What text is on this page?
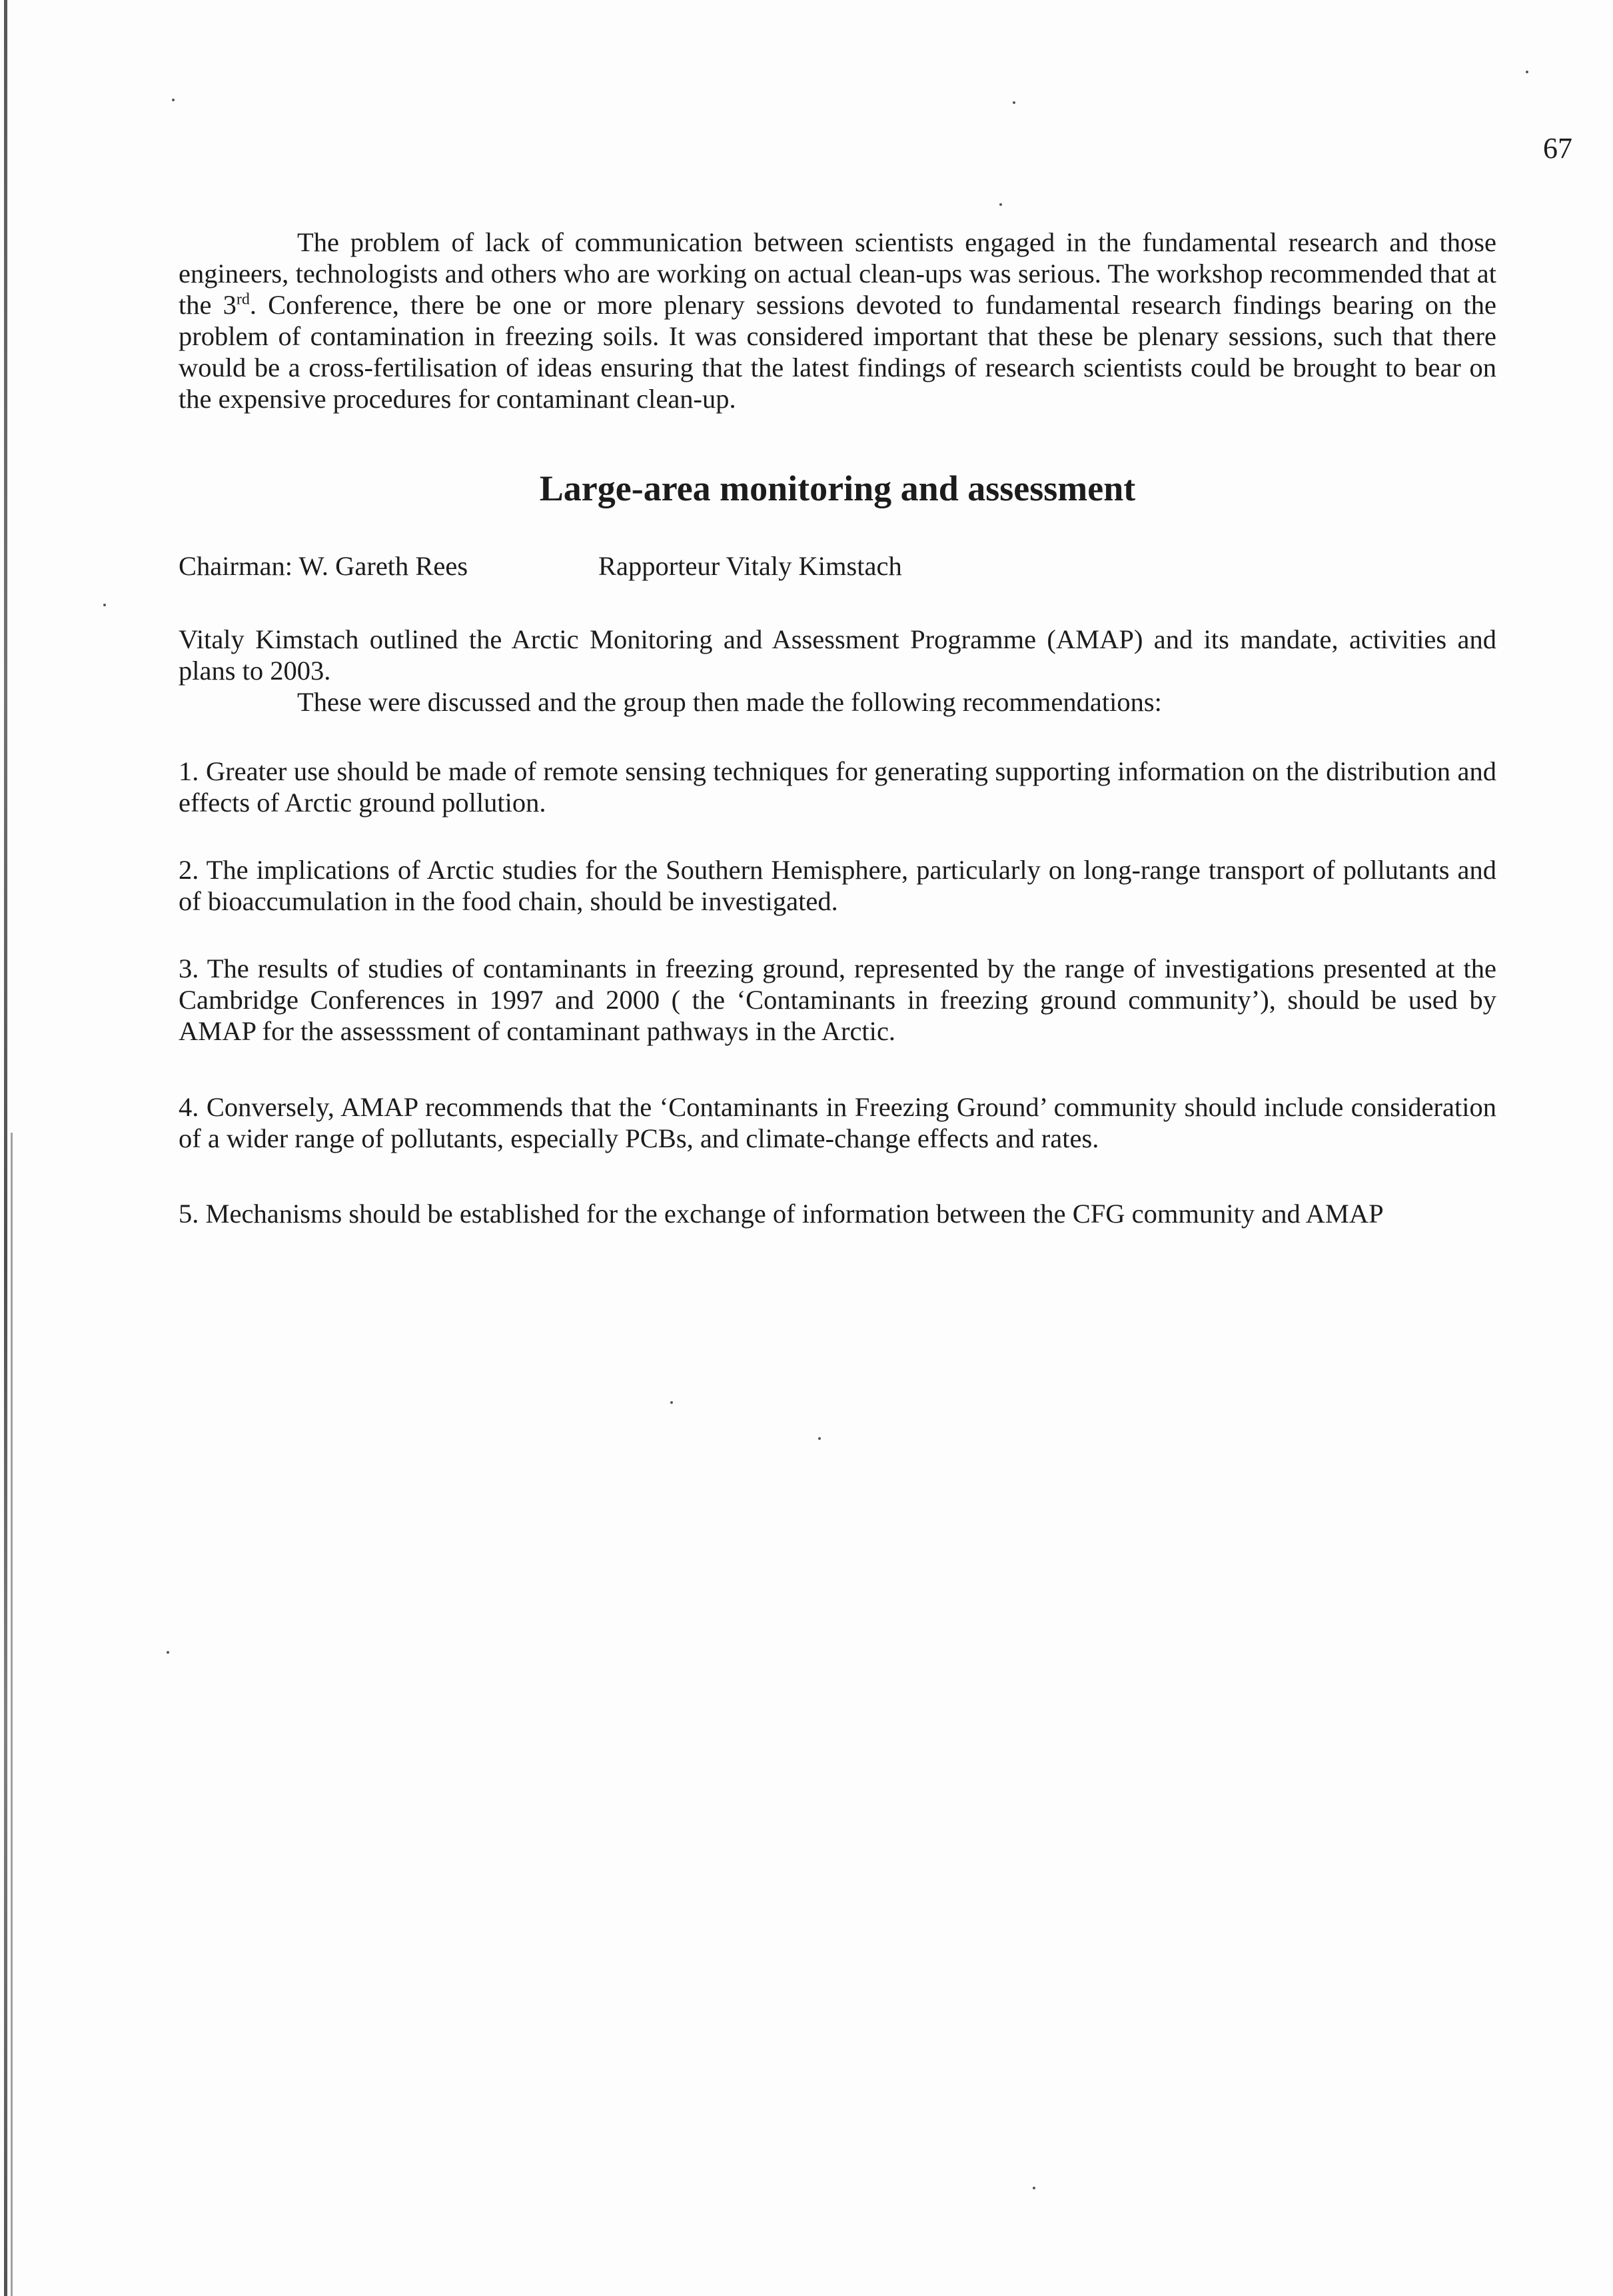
67
The problem of lack of communication between scientists engaged in the fundamental research and those engineers, technologists and others who are working on actual clean-ups was serious. The workshop recommended that at the 3rd. Conference, there be one or more plenary sessions devoted to fundamental research findings bearing on the problem of contamination in freezing soils. It was considered important that these be plenary sessions, such that there would be a cross-fertilisation of ideas ensuring that the latest findings of research scientists could be brought to bear on the expensive procedures for contaminant clean-up.
Large-area monitoring and assessment
Chairman: W. Gareth Rees	Rapporteur Vitaly Kimstach
Vitaly Kimstach outlined the Arctic Monitoring and Assessment Programme (AMAP) and its mandate, activities and plans to 2003.
These were discussed and the group then made the following recommendations:
1. Greater use should be made of remote sensing techniques for generating supporting information on the distribution and effects of Arctic ground pollution.
2. The implications of Arctic studies for the Southern Hemisphere, particularly on long-range transport of pollutants and of bioaccumulation in the food chain, should be investigated.
3. The results of studies of contaminants in freezing ground, represented by the range of investigations presented at the Cambridge Conferences in 1997 and 2000 ( the ‘Contaminants in freezing ground community’), should be used by AMAP for the assesssment of contaminant pathways in the Arctic.
4. Conversely, AMAP recommends that the ‘Contaminants in Freezing Ground’ community should include consideration of a wider range of pollutants, especially PCBs, and climate-change effects and rates.
5. Mechanisms should be established for the exchange of information between the CFG community and AMAP
